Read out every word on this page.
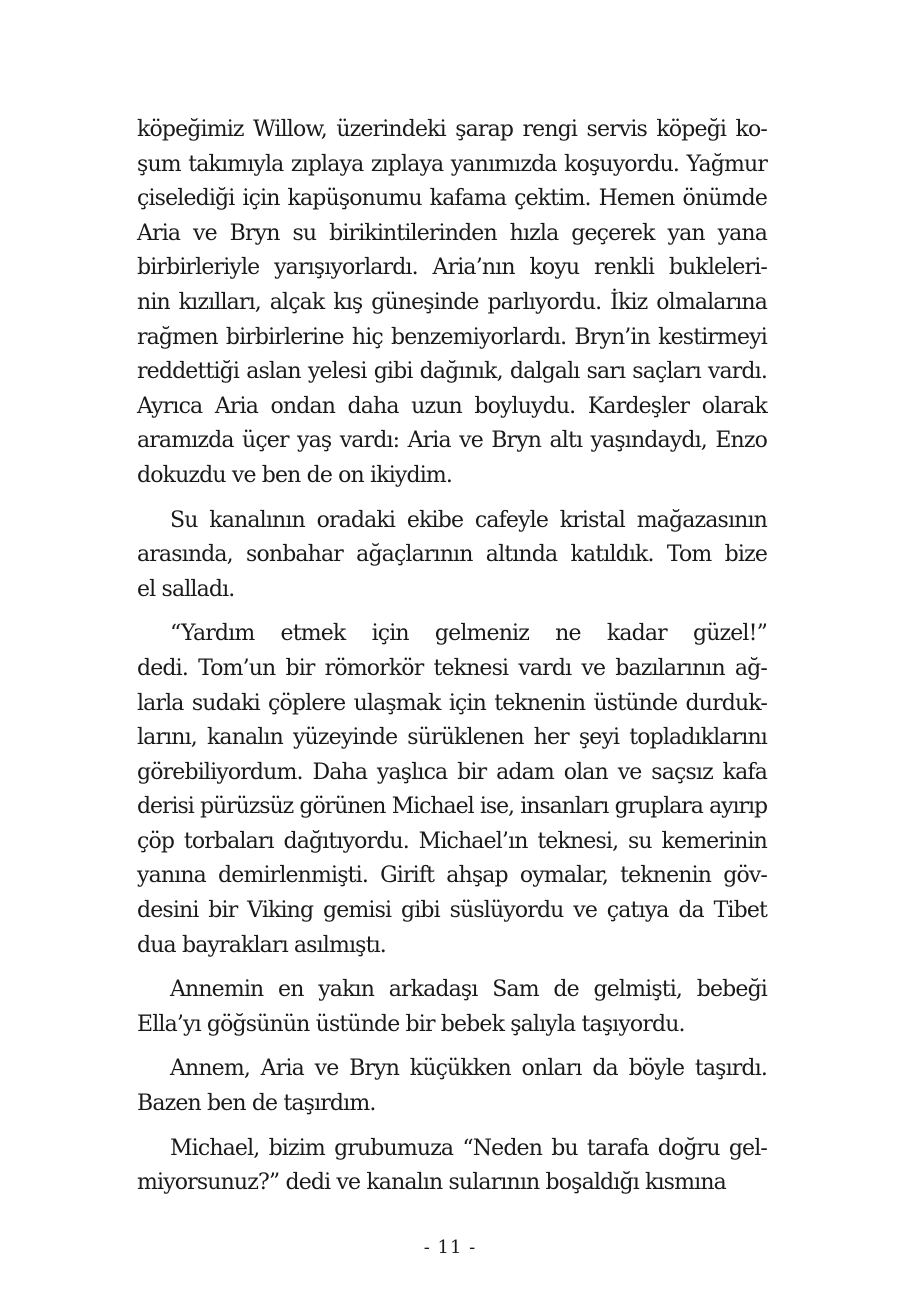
köpeğimiz Willow, üzerindeki şarap rengi servis köpeği ko-
şum takımıyla zıplaya zıplaya yanımızda koşuyordu. Yağmur
çiselediği için kapüşonumu kafama çektim. Hemen önümde
Aria ve Bryn su birikintilerinden hızla geçerek yan yana
birbirleriyle yarışıyorlardı. Aria’nın koyu renkli bukleleri-
nin kızılları, alçak kış güneşinde parlıyordu. İkiz olmalarına
rağmen birbirlerine hiç benzemiyorlardı. Bryn’in kestirmeyi
reddettiği aslan yelesi gibi dağınık, dalgalı sarı saçları vardı.
Ayrıca Aria ondan daha uzun boyluydu. Kardeşler olarak
aramızda üçer yaş vardı: Aria ve Bryn altı yaşındaydı, Enzo
dokuzdu ve ben de on ikiydim.
Su kanalının oradaki ekibe cafeyle kristal mağazasının
arasında, sonbahar ağaçlarının altında katıldık. Tom bize
el salladı.
“Yardım etmek için gelmeniz ne kadar güzel!”
dedi. Tom’un bir römorkör teknesi vardı ve bazılarının ağ-
larla sudaki çöplere ulaşmak için teknenin üstünde durduk-
larını, kanalın yüzeyinde sürüklenen her şeyi topladıklarını
görebiliyordum. Daha yaşlıca bir adam olan ve saçsız kafa
derisi pürüzsüz görünen Michael ise, insanları gruplara ayırıp
çöp torbaları dağıtıyordu. Michael’ın teknesi, su kemerinin
yanına demirlenmişti. Girift ahşap oymalar, teknenin göv-
desini bir Viking gemisi gibi süslüyordu ve çatıya da Tibet
dua bayrakları asılmıştı.
Annemin en yakın arkadaşı Sam de gelmişti, bebeği
Ella’yı göğsünün üstünde bir bebek şalıyla taşıyordu.
Annem, Aria ve Bryn küçükken onları da böyle taşırdı.
Bazen ben de taşırdım.
Michael, bizim grubumuza “Neden bu tarafa doğru gel-
miyorsunuz?” dedi ve kanalın sularının boşaldığı kısmına
- 11 -
